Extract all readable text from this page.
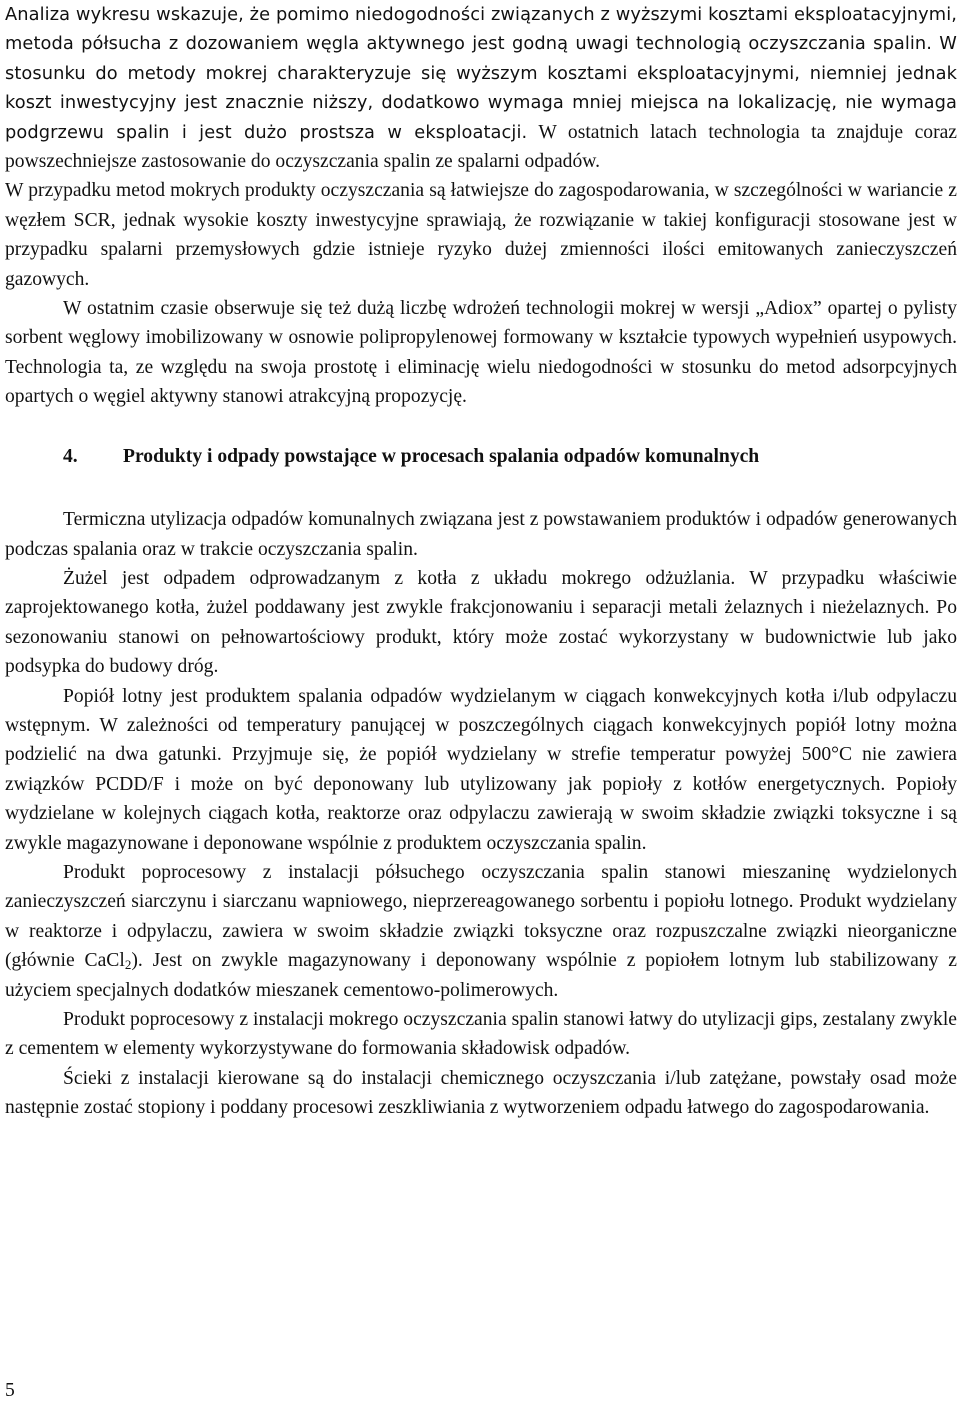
Analiza wykresu wskazuje, że pomimo niedogodności związanych z wyższymi kosztami eksploatacyjnymi, metoda półsucha z dozowaniem węgla aktywnego jest godną uwagi technologią oczyszczania spalin. W stosunku do metody mokrej charakteryzuje się wyższym kosztami eksploatacyjnymi, niemniej jednak koszt inwestycyjny jest znacznie niższy, dodatkowo wymaga mniej miejsca na lokalizację, nie wymaga podgrzewu spalin i jest dużo prostsza w eksploatacji. W ostatnich latach technologia ta znajduje coraz powszechniejsze zastosowanie do oczyszczania spalin ze spalarni odpadów.

W przypadku metod mokrych produkty oczyszczania są łatwiejsze do zagospodarowania, w szczególności w wariancie z węzłem SCR, jednak wysokie koszty inwestycyjne sprawiają, że rozwiązanie w takiej konfiguracji stosowane jest w przypadku spalarni przemysłowych gdzie istnieje ryzyko dużej zmienności ilości emitowanych zanieczyszczeń gazowych.

W ostatnim czasie obserwuje się też dużą liczbę wdrożeń technologii mokrej w wersji „Adiox” opartej o pylisty sorbent węglowy imobilizowany w osnowie polipropylenowej formowany w kształcie typowych wypełnień usypowych. Technologia ta, ze względu na swoja prostotę i eliminację wielu niedogodności w stosunku do metod adsorpcyjnych opartych o węgiel aktywny stanowi atrakcyjną propozycję.

4. Produkty i odpady powstające w procesach spalania odpadów komunalnych

Termiczna utylizacja odpadów komunalnych związana jest z powstawaniem produktów i odpadów generowanych podczas spalania oraz w trakcie oczyszczania spalin.

Żużel jest odpadem odprowadzanym z kotła z układu mokrego odżużlania. W przypadku właściwie zaprojektowanego kotła, żużel poddawany jest zwykle frakcjonowaniu i separacji metali żelaznych i nieżelaznych. Po sezonowaniu stanowi on pełnowartościowy produkt, który może zostać wykorzystany w budownictwie lub jako podsypka do budowy dróg.

Popiół lotny jest produktem spalania odpadów wydzielanym w ciągach konwekcyjnych kotła i/lub odpylaczu wstępnym. W zależności od temperatury panującej w poszczególnych ciągach konwekcyjnych popiół lotny można podzielić na dwa gatunki. Przyjmuje się, że popiół wydzielany w strefie temperatur powyżej 500°C nie zawiera związków PCDD/F i może on być deponowany lub utylizowany jak popioły z kotłów energetycznych. Popioły wydzielane w kolejnych ciągach kotła, reaktorze oraz odpylaczu zawierają w swoim składzie związki toksyczne i są zwykle magazynowane i deponowane wspólnie z produktem oczyszczania spalin.

Produkt poprocesowy z instalacji półsuchego oczyszczania spalin stanowi mieszaninę wydzielonych zanieczyszczeń siarczynu i siarczanu wapniowego, nieprzereagowanego sorbentu i popiołu lotnego. Produkt wydzielany w reaktorze i odpylaczu, zawiera w swoim składzie związki toksyczne oraz rozpuszczalne związki nieorganiczne (głównie CaCl$_2$). Jest on zwykle magazynowany i deponowany wspólnie z popiołem lotnym lub stabilizowany z użyciem specjalnych dodatków mieszanek cementowo-polimerowych.

Produkt poprocesowy z instalacji mokrego oczyszczania spalin stanowi łatwy do utylizacji gips, zestalany zwykle z cementem w elementy wykorzystywane do formowania składowisk odpadów.

Ścieki z instalacji kierowane są do instalacji chemicznego oczyszczania i/lub zatężane, powstały osad może następnie zostać stopiony i poddany procesowi zeszkliwiania z wytworzeniem odpadu łatwego do zagospodarowania.

5
